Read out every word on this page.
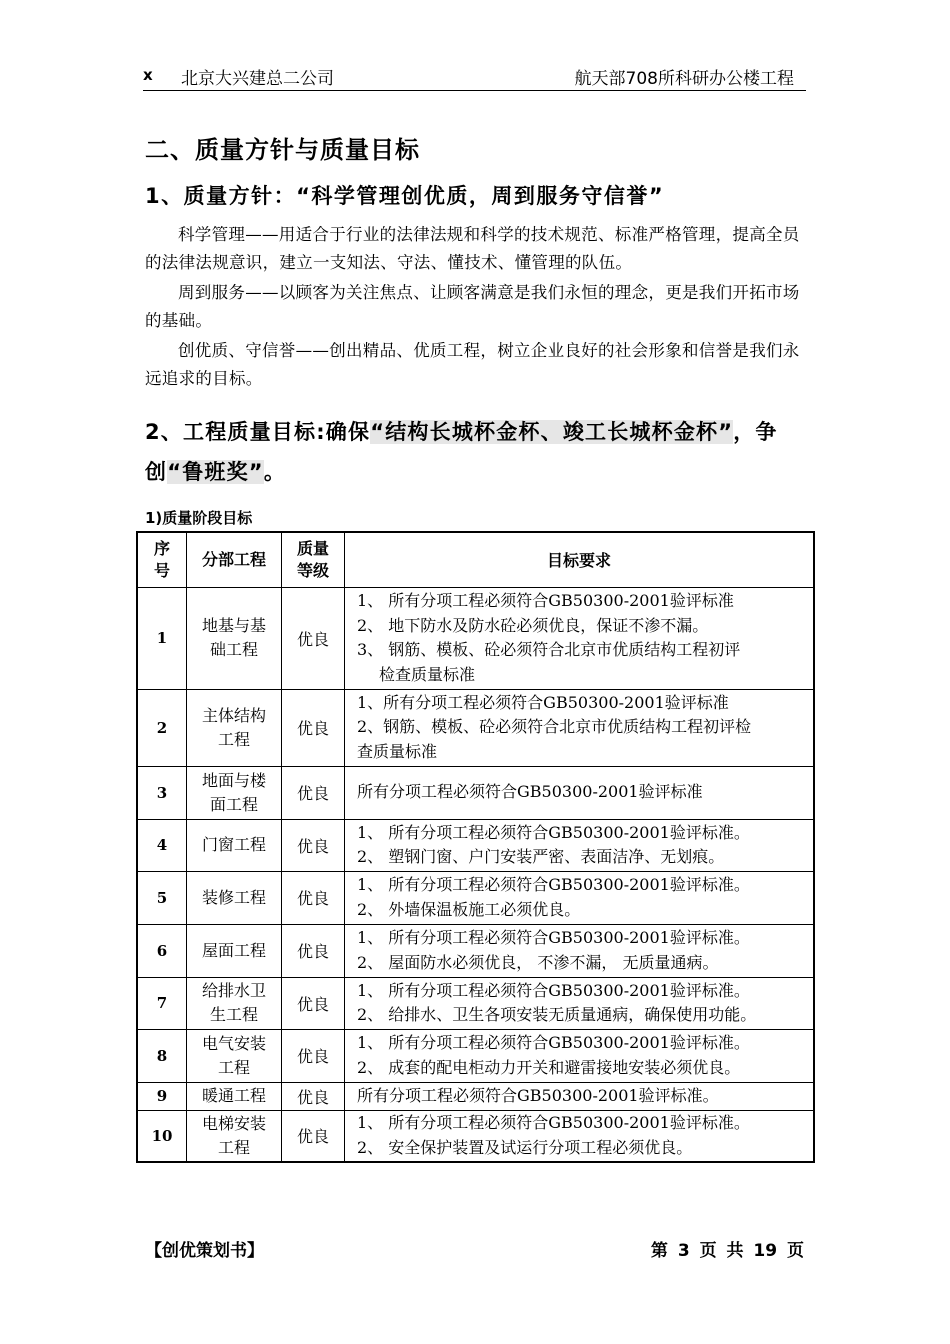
ⅹ 北京大兴建总二公司	航天部708所科研办公楼工程
二、质量方针与质量目标
1、质量方针：“科学管理创优质，周到服务守信誉”

科学管理——用适合于行业的法律法规和科学的技术规范、标准严格管理，提高全员的法律法规意识，建立一支知法、守法、懂技术、懂管理的队伍。

周到服务——以顾客为关注焦点、让顾客满意是我们永恒的理念，更是我们开拓市场的基础。

创优质、守信誉——创出精品、优质工程，树立企业良好的社会形象和信誉是我们永远追求的目标。

2、工程质量目标:确保“结构长城杯金杯、竣工长城杯金杯”，争创“鲁班奖”。
1)质量阶段目标
序号	分部工程	质量等级	目标要求
1	地基与基础工程	优良	1、 所有分项工程必须符合GB50300-2001验评标准
2、 地下防水及防水砼必须优良，保证不渗不漏。
3、 钢筋、模板、砼必须符合北京市优质结构工程初评
检查质量标准

2	主体结构工程	优良	1、所有分项工程必须符合GB50300-2001验评标准
2、钢筋、模板、砼必须符合北京市优质结构工程初评检
查质量标准

3	地面与楼面工程	优良	所有分项工程必须符合GB50300-2001验评标准

4	门窗工程	优良	1、 所有分项工程必须符合GB50300-2001验评标准。
2、 塑钢门窗、户门安装严密、表面洁净、无划痕。

5	装修工程	优良	1、 所有分项工程必须符合GB50300-2001验评标准。
2、 外墙保温板施工必须优良。

6	屋面工程	优良	1、 所有分项工程必须符合GB50300-2001验评标准。
2、 屋面防水必须优良， 不渗不漏， 无质量通病。

7	给排水卫生工程	优良	1、 所有分项工程必须符合GB50300-2001验评标准。
2、 给排水、卫生各项安装无质量通病，确保使用功能。

8	电气安装工程	优良	1、 所有分项工程必须符合GB50300-2001验评标准。
2、 成套的配电柜动力开关和避雷接地安装必须优良。

9	暖通工程	优良	所有分项工程必须符合GB50300-2001验评标准。

10	电梯安装工程	优良	1、 所有分项工程必须符合GB50300-2001验评标准。
2、 安全保护装置及试运行分项工程必须优良。
【创优策划书】	第 3 页 共 19 页
